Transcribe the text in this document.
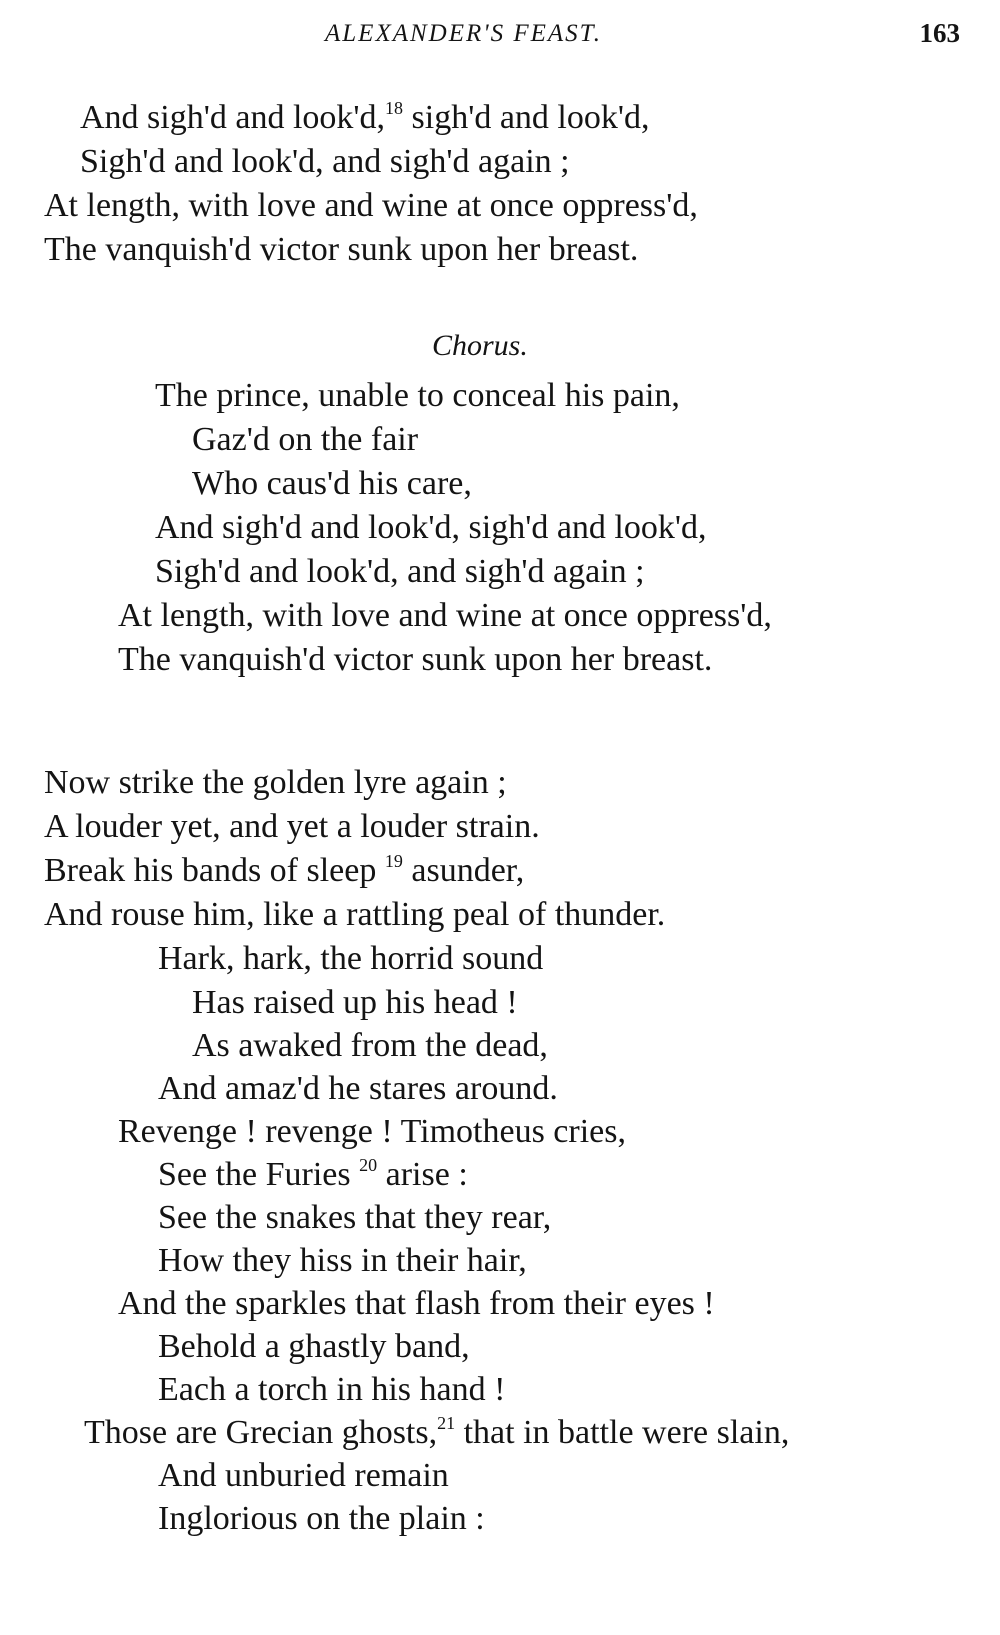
ALEXANDER'S FEAST.	163
And sigh'd and look'd,$^{18}$ sigh'd and look'd,
Sigh'd and look'd, and sigh'd again ;
At length, with love and wine at once oppress'd,
The vanquish'd victor sunk upon her breast.
Chorus.
The prince, unable to conceal his pain,
Gaz'd on the fair
Who caus'd his care,
And sigh'd and look'd, sigh'd and look'd,
Sigh'd and look'd, and sigh'd again ;
At length, with love and wine at once oppress'd,
The vanquish'd victor sunk upon her breast.
Now strike the golden lyre again ;
A louder yet, and yet a louder strain.
Break his bands of sleep $^{19}$ asunder,
And rouse him, like a rattling peal of thunder.
Hark, hark, the horrid sound
Has raised up his head !
As awaked from the dead,
And amaz'd he stares around.
Revenge ! revenge ! Timotheus cries,
See the Furies $^{20}$ arise :
See the snakes that they rear,
How they hiss in their hair,
And the sparkles that flash from their eyes !
Behold a ghastly band,
Each a torch in his hand !
Those are Grecian ghosts,$^{21}$ that in battle were slain,
And unburied remain
Inglorious on the plain :
